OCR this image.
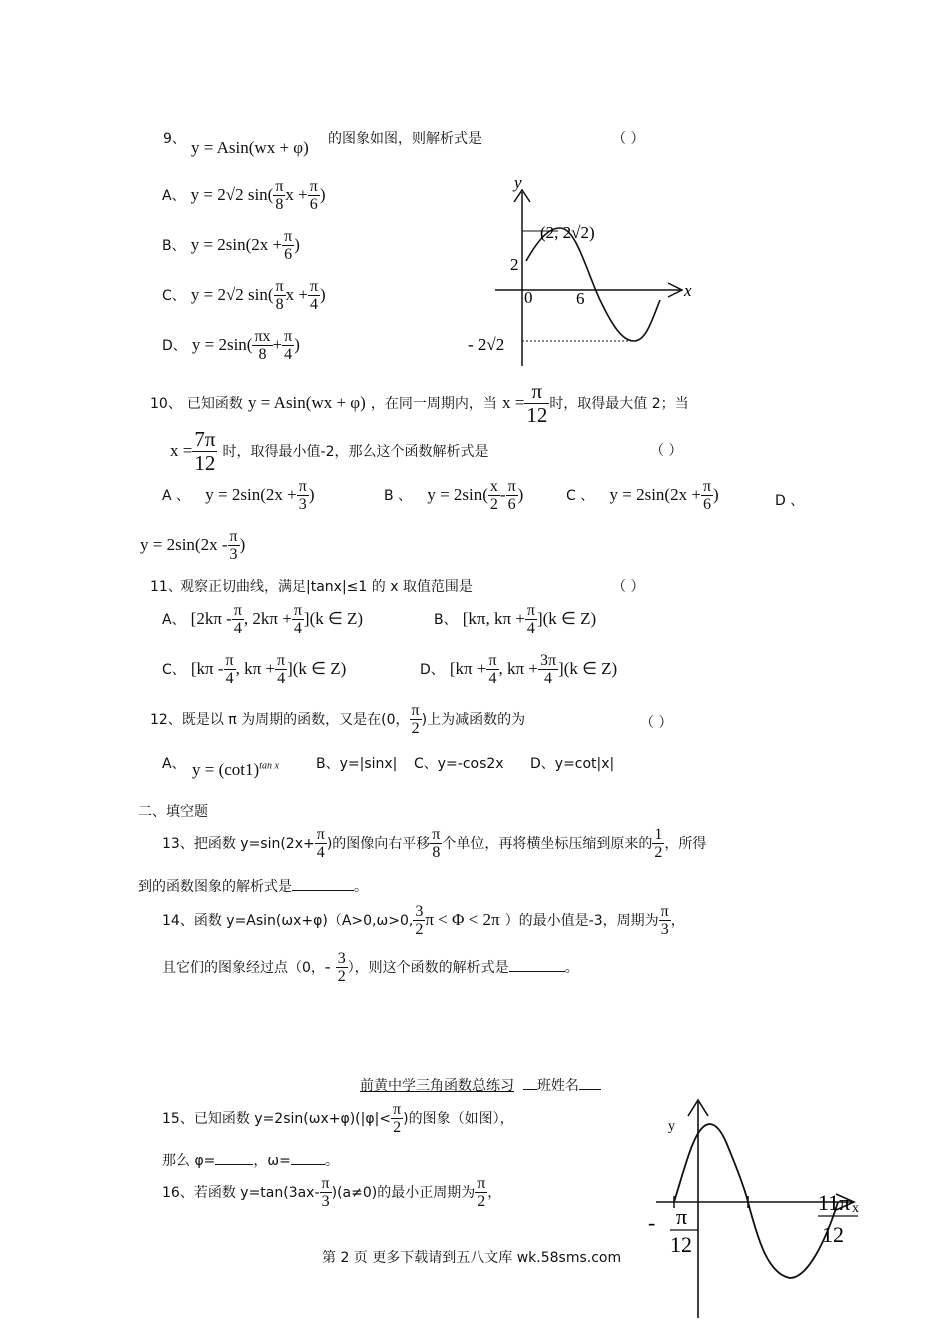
9、 y = Asin(wx + φ) 的图象如图，则解析式是	（ ）
A、 y = 2√2 $\sin( \frac{\pi}{8}$ $x + \frac{\pi}{6}$ )
B、 $y = 2\sin(2x + \frac{\pi}{6}$ )
C、 y = 2√2 $\sin( \frac{\pi}{8}$ $x + \frac{\pi}{4}$ )
D、 $y = 2\sin( \frac{\pi x}{8} + \frac{\pi}{4}$ )
y
x
(2, 2√2)
2
0	6
- 2√2
10、 已知函数 y = Asin(wx + φ) ，在同一周期内，当 $x = \frac{\pi}{12}$ 时，取得最大值 2；当
$x = \frac{7\pi}{12}$ 时，取得最小值-2，那么这个函数解析式是	（ ）
A 、 $y = 2\sin(2x + \frac{\pi}{3}$ )	B 、 $y = 2\sin( \frac{x}{2} - \frac{\pi}{6}$ )	C 、 $y = 2\sin(2x + \frac{\pi}{6}$ )	D 、
$y = 2\sin(2x - \frac{\pi}{3}$ )
11、
观察正切曲线，满足|tanx|≤1 的 x 取值范围是	（ ）
A、 [$2k\pi - \frac{\pi}{4}$ , $2k\pi + \frac{\pi}{4} ](k$ ∈ Z)	B、 [kπ, $k\pi + \frac{\pi}{4} ](k$ ∈ Z)
C、 [$k\pi - \frac{\pi}{4}$ , $k\pi + \frac{\pi}{4} ](k$ ∈ Z)	D、 [$k\pi + \frac{\pi}{4}$ , $k\pi + \frac{3\pi}{4} ](k$ ∈ Z)
12、既是以 π 为周期的函数，又是在(0， $\frac{\pi}{2}$ )上为减函数的为	（ ）
A、 $y = (\cot 1)^{tan x}$	B、y=|sinx| C、y=-cos2x D、y=cot|x|
二、填空题
13、把函数 $y=\sin(2x+ \frac{\pi}{4}$ )的图像向右平移 $\frac{\pi}{8}$ 个单位，再将横坐标压缩到原来的 $\frac{1}{2}$ ，所得
到的函数图象的解析式是	。
14、函数 y=Asin(ωx+φ)（A>0,ω>0, $\frac{3}{2}$ π < Φ < 2π ）的最小值是-3，周期为 $\frac{\pi}{3}$ ，
且它们的图象经过点（0，- $\frac{3}{2}$ ），则这个函数的解析式是	。
前黄中学三角函数总练习 班姓名
15、已知函数 $y=2\sin(\omega x+\varphi)(|\varphi|< \frac{\pi}{2}$ )的图象（如图），
那么 φ=	，ω= 。
y
x
- π
12
11π
12
16、若函数 $y=\tan(3ax- \frac{\pi}{3} )(a\ne 0)$的最小正周期为 $\frac{\pi}{2}$ ，
第 2 页 更多下载请到五八文库 wk.58sms.com
